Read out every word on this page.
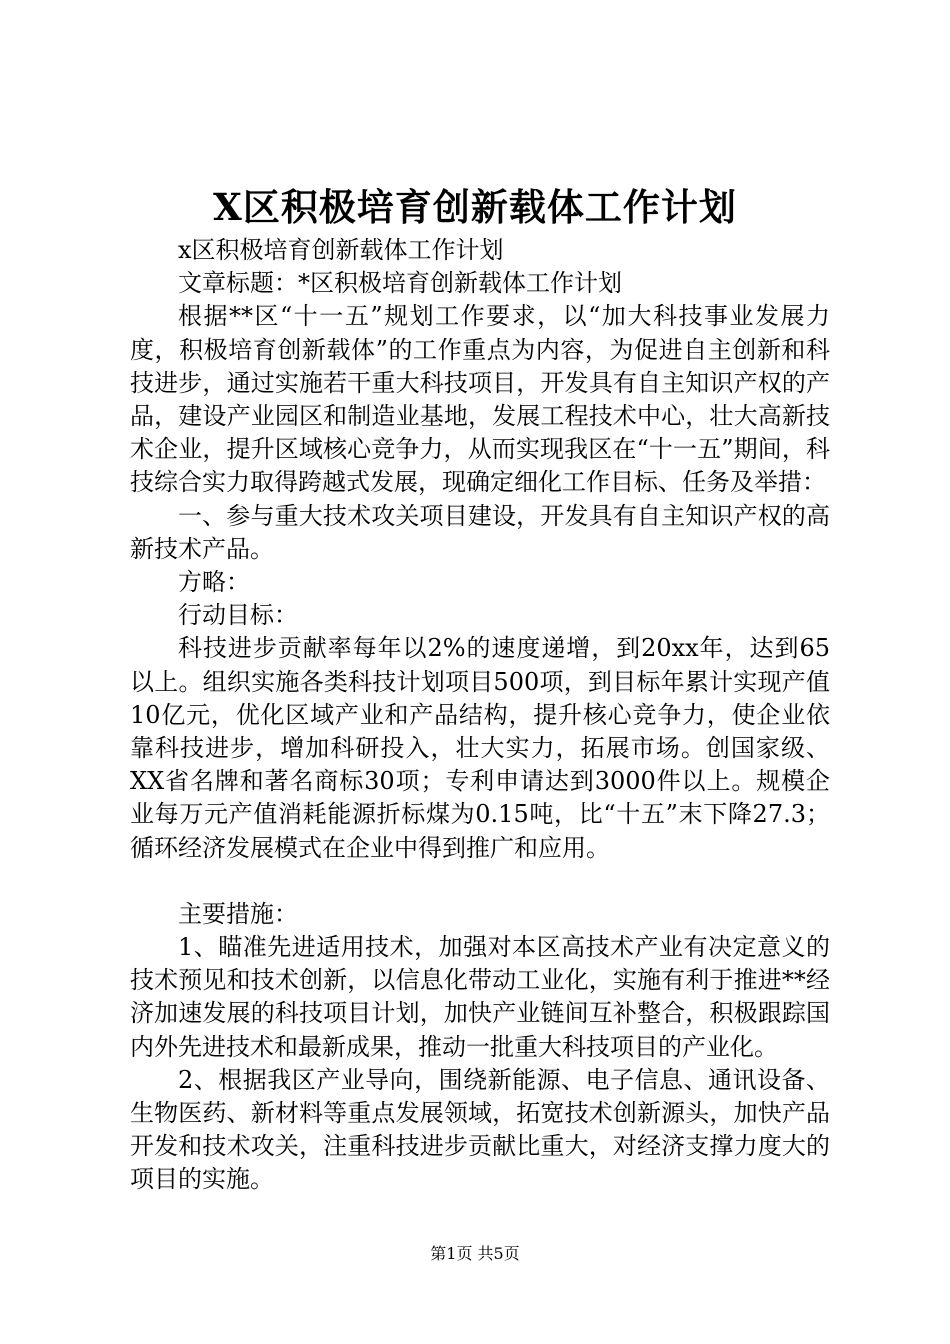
X区积极培育创新载体工作计划

x区积极培育创新载体工作计划

文章标题：*区积极培育创新载体工作计划

根据**区“十一五”规划工作要求，以“加大科技事业发展力度，积极培育创新载体”的工作重点为内容，为促进自主创新和科技进步，通过实施若干重大科技项目，开发具有自主知识产权的产品，建设产业园区和制造业基地，发展工程技术中心，壮大高新技术企业，提升区域核心竞争力，从而实现我区在“十一五”期间，科技综合实力取得跨越式发展，现确定细化工作目标、任务及举措：

一、参与重大技术攻关项目建设，开发具有自主知识产权的高新技术产品。

方略：

行动目标：

科技进步贡献率每年以2%的速度递增，到20xx年，达到65以上。组织实施各类科技计划项目500项，到目标年累计实现产值10亿元，优化区域产业和产品结构，提升核心竞争力，使企业依靠科技进步，增加科研投入，壮大实力，拓展市场。创国家级、XX省名牌和著名商标30项；专利申请达到3000件以上。规模企业每万元产值消耗能源折标煤为0.15吨，比“十五”末下降27.3；循环经济发展模式在企业中得到推广和应用。

主要措施：

1、瞄准先进适用技术，加强对本区高技术产业有决定意义的技术预见和技术创新，以信息化带动工业化，实施有利于推进**经济加速发展的科技项目计划，加快产业链间互补整合，积极跟踪国内外先进技术和最新成果，推动一批重大科技项目的产业化。

2、根据我区产业导向，围绕新能源、电子信息、通讯设备、生物医药、新材料等重点发展领域，拓宽技术创新源头，加快产品开发和技术攻关，注重科技进步贡献比重大，对经济支撑力度大的项目的实施。

第1页 共5页
